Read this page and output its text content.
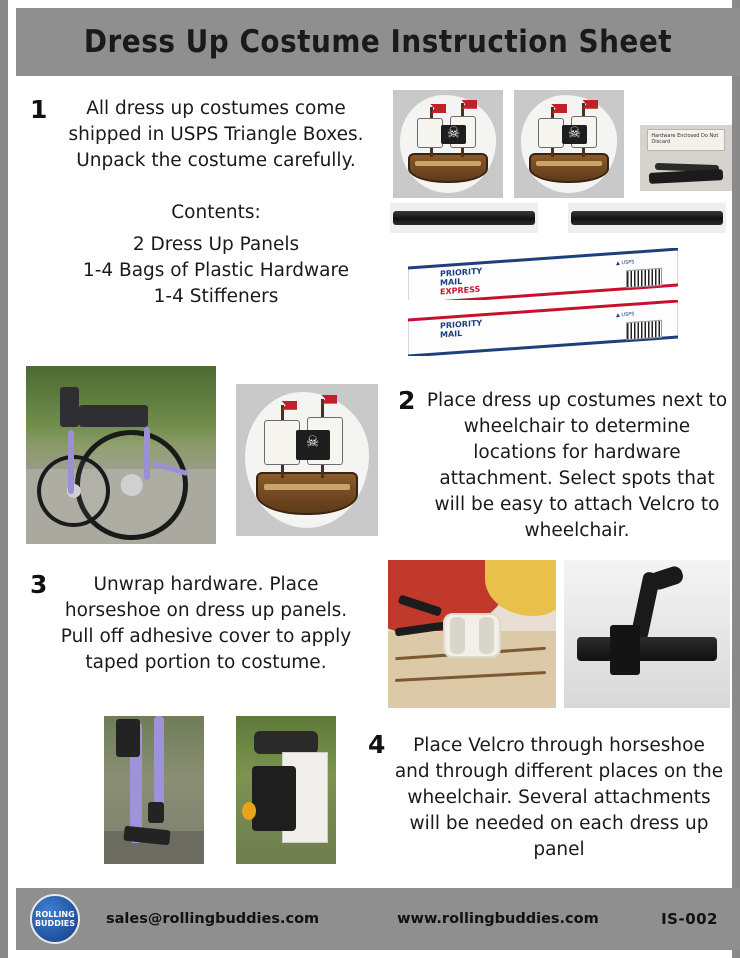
Dress Up Costume Instruction Sheet
1	All dress up costumes come shipped in USPS Triangle Boxes. Unpack the costume carefully.
Contents:
2 Dress Up Panels
1-4 Bags of Plastic Hardware
1-4 Stiffeners
☠	☠	Hardware Enclosed Do Not Discard
▲ USPS
PRIORITY
MAIL
EXPRESS
▲ USPS
PRIORITY
MAIL
☠
2 Place dress up costumes next to wheelchair to determine locations for hardware attachment. Select spots that will be easy to attach Velcro to wheelchair.
3	Unwrap hardware. Place horseshoe on dress up panels. Pull off adhesive cover to apply taped portion to costume.
4	Place Velcro through horseshoe and through different places on the wheelchair. Several attachments will be needed on each dress up panel
ROLLING
BUDDIES sales@rollingbuddies.com	www.rollingbuddies.com	IS-002
